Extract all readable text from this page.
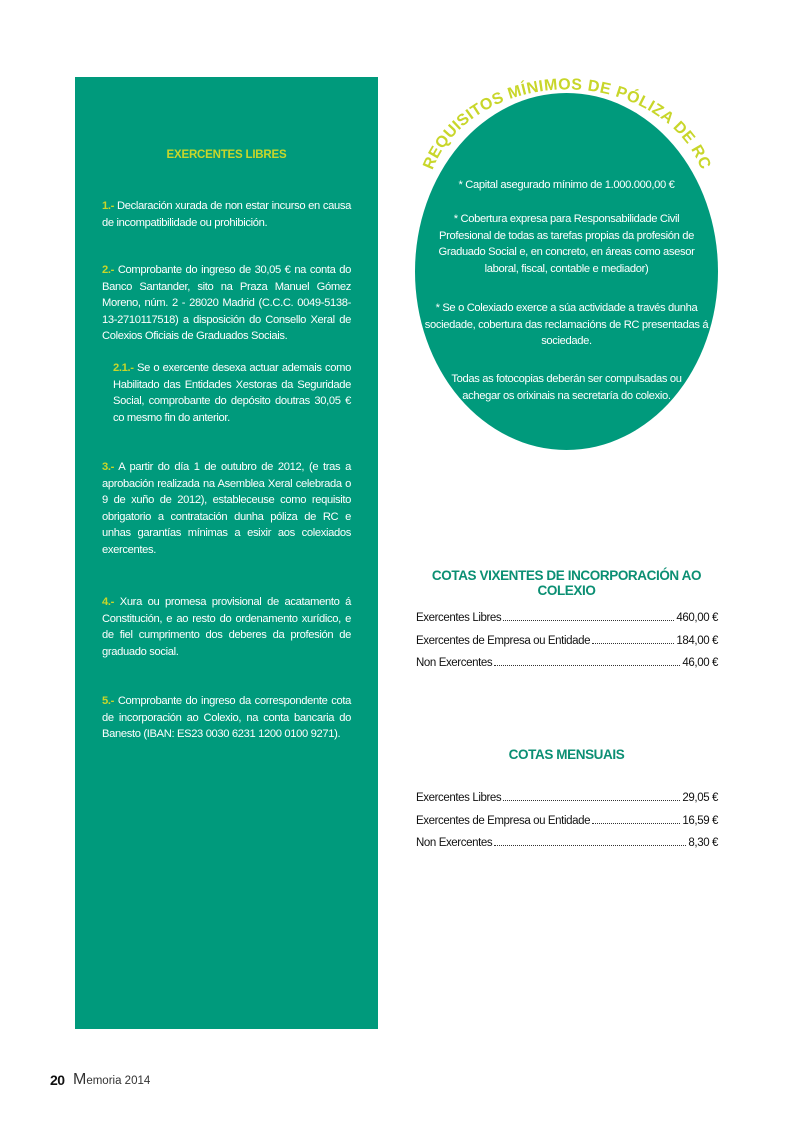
EXERCENTES LIBRES
1.- Declaración xurada de non estar incurso en causa de incompatibilidade ou prohibición.
2.- Comprobante do ingreso de 30,05 € na conta do Banco Santander, sito na Praza Manuel Gómez Moreno, núm. 2 - 28020 Madrid (C.C.C. 0049-5138-13-2710117518) a disposición do Consello Xeral de Colexios Oficiais de Graduados Sociais.
2.1.- Se o exercente desexa actuar ademais como Habilitado das Entidades Xestoras da Seguridade Social, comprobante do depósito doutras 30,05 € co mesmo fin do anterior.
3.- A partir do día 1 de outubro de 2012, (e tras a aprobación realizada na Asemblea Xeral celebrada o 9 de xuño de 2012), estableceuse como requisito obrigatorio a contratación dunha póliza de RC e unhas garantías mínimas a esixir aos colexiados exercentes.
4.- Xura ou promesa provisional de acatamento á Constitución, e ao resto do ordenamento xurídico, e de fiel cumprimento dos deberes da profesión de graduado social.
5.- Comprobante do ingreso da correspondente cota de incorporación ao Colexio, na conta bancaria do Banesto (IBAN: ES23 0030 6231 1200 0100 9271).
REQUISITOS MÍNIMOS DE PÓLIZA DE RC
* Capital asegurado mínimo de 1.000.000,00 €
* Cobertura expresa para Responsabilidade Civil Profesional de todas as tarefas propias da profesión de Graduado Social e, en concreto, en áreas como asesor laboral, fiscal, contable e mediador)
* Se o Colexiado exerce a súa actividade a través dunha sociedade, cobertura das reclamacións de RC presentadas á sociedade.
Todas as fotocopias deberán ser compulsadas ou achegar os orixinais na secretaría do colexio.
COTAS VIXENTES DE INCORPORACIÓN AO COLEXIO
Exercentes Libres	460,00 €
Exercentes de Empresa ou Entidade	184,00 €
Non Exercentes	46,00 €
COTAS MENSUAIS
Exercentes Libres	29,05 €
Exercentes de Empresa ou Entidade	16,59 €
Non Exercentes	8,30 €
20 Memoria 2014
